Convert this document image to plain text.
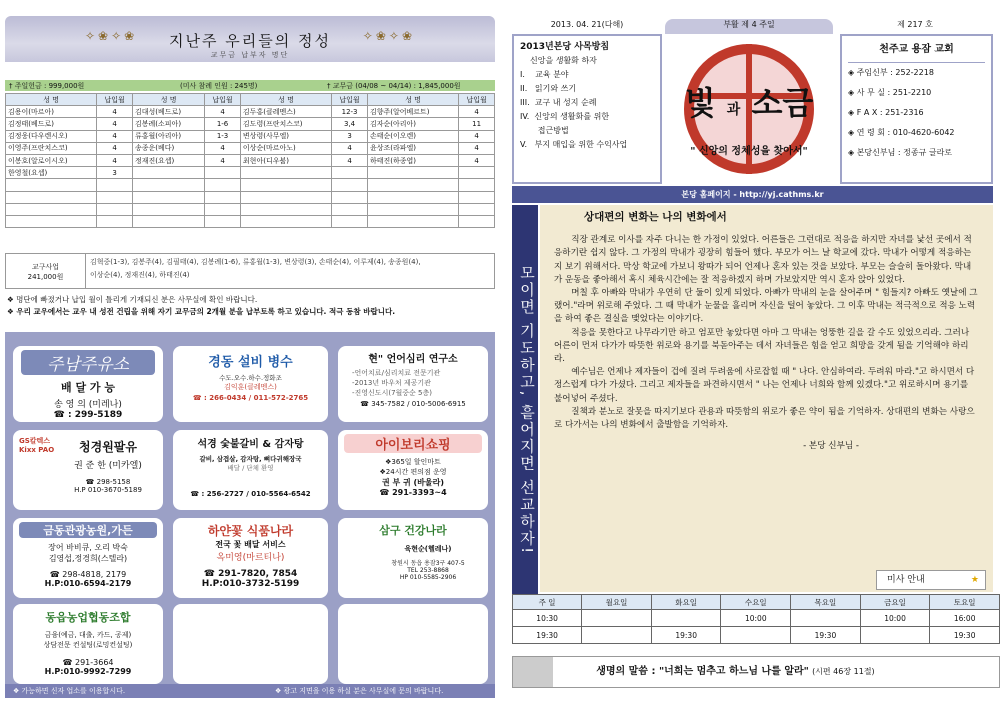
✧❀✧❀	지난주 우리들의 정성	✧❀✧❀
교무금 납부자 명단
† 주일헌금 : 999,000원	(미사 참례 인원 : 245명)	† 교무금 (04/08 ~ 04/14) : 1,845,000원
성 명	납입월	성 명	납입월	성 명	납입월	성 명	납입월
김용이(마르아)	4	김대성(베드로)	4	김두홍(클레멘스)	12-3	김향주(알어베르트)	4
김정태(베드로)	4	김봉례(소피아)	1-6	김도령(프란치스코)	3,4	김자순(아리아)	11
김정웅(다우렌시오)	4	류홍월(아리아)	1-3	변상령(사무엘)	3	손태순(이오렌)	4
이영주(프란치스코)	4	송종운(베다)	4	이상순(마르아노)	4	윤상조(라파엘)	4
이봉호(알로이시오)	4	정재진(요셉)	4	최현아(디우붐)	4	하태진(하종엽)	4
한영철(요셉)	3						

교구사업
241,000원
김혁중(1-3), 김봉주(4), 김필태(4), 김봉례(1-6), 류홍월(1-3), 변상령(3), 손태순(4), 이루제(4), 송종원(4),
이상순(4), 정재진(4), 하태진(4)
❖ 명단에 빠졌거나 납입 월이 틀리게 기재되신 분은 사무실에 확인 바랍니다.
❖ 우리 교우에서는 교우 내 성전 건립을 위해 자기 교무금의 2개월 분을 납부토록 하고 있습니다. 적극 동참 바랍니다.
주남주유소
배 달 가 능
송 영 의 (미레나)
☎ : 299-5189
경동 설비 병수
수도.오수.하수.정화조
김익훈(클레멘스)
☎ : 266-0434 / 011-572-2765
현" 언어심리 연구소
-언어치료/심리치료 전문기관
-2013년 바우처 제공기관
-진영신도시(7월중순 5층)
☎ 345-7582 / 010-5006-6915
GS칼텍스 Kixx PAO	청경원팔유
권 준 한 (미카엘)
☎ 298-5158
H.P 010-3670-5189
석경 숯불갈비 & 감자탕
갈비, 삼겹살, 감자탕, 뼈다귀해장국
배달 / 단체 환영
☎ : 256-2727 / 010-5564-6542
아이보리쇼핑
❖365일 할인마트
❖24시간 편의점 운영
권 부 귀 (바울라)
☎ 291-3393~4
금동관광농원,가든
장어 바비큐, 오리 박숙
김영섭,정경희(스텔라)
☎ 298-4818, 2179
H.P:010-6594-2179
하얀꽃 식품나라
전국 꽃 배달 서비스
옥미영(마르티나)
☎ 291-7820, 7854
H.P:010-3732-5199
삼구 건강나라
육현순(헬레나)
창원시 동읍 용잠3구 407-5
TEL 253-8868
HP 010-5585-2906
동읍농업협동조합
금융(예금, 대출, 카드, 공제)
상담전문 컨설팅(로밍컨설팅)
☎ 291-3664
H.P:010-9992-7299
❖ 가능하면 신자 업소를 이용합시다.	❖ 광고 지면을 이용 하실 분은 사무실에 문의 바랍니다.
2013. 04. 21(다해)	부활 제 4 주일	제 217 호
2013년본당 사목방침
신앙을 생활화 하자
I.    교육 분야
II.   읽기와 쓰기
III.  교구 내 성지 순례
IV.  신앙의 생활화를 위한
접근방법
V.   부지 매입을 위한 수익사업
빛 과 소금
" 신앙의 정체성을 찾아서"
천주교 용잠 교회
◈ 주임신부 : 252-2218
◈ 사 무 실 : 251-2210
◈ F A X : 251-2316
◈ 연 령 회 : 010-4620-6042
◈ 본당신부님 : 정종규 글라로
본당 홈페이지 - http://yj.cathms.kr
모이면 기도하고, 흩어지면 선교하자!
상대편의 변화는 나의 변화에서

직장 관계로 이사를 자주 다니는 한 가정이 있었다. 어른들은 그런대로 적응을 하지만 자녀를 낯선 곳에서 적응하기란 쉽지 않다. 그 가정의 막내가 굉장히 힘들어 했다. 부모가 어느 날 학교에 갔다. 막내가 어떻게 적응하는지 보기 위해서다. 막상 학교에 가보니 왕따가 되어 언제나 혼자 있는 것을 보았다. 부모는 슬슬히 돌아왔다. 막내가 운동을 좋아해서 혹시 체육시간에는 잘 적응하겠지 하며 가보았지만 역시 혼자 앉아 있었다.

며칠 후 아빠와 막내가 우연히 단 둘이 있게 되었다. 아빠가 막내의 눈을 살어주며 " 힘들지? 아빠도 옛날에 그랬어."라며 위로해 주었다. 그 때 막내가 눈물을 흘리며 자신을 털어 놓았다. 그 이후 막내는 적극적으로 적응 노력을 하여 좋은 결실을 맺었다는 이야기다.

적응을 못한다고 나무라기만 하고 엄포만 놓았다면 아마 그 막내는 엉뚱한 길을 갈 수도 있었으리라. 그러나 어른이 먼저 다가가 따뜻한 위로와 용기를 북돋아주는 데서 자녀들은 힘을 얻고 희망을 갖게 됨을 기억해야 하리라.

예수님은 언제나 제자들이 겁에 질려 두려움에 사로잡힐 때 " 나다. 안심하여라. 두려워 마라."고 하시면서 다정스럽게 다가 가셨다. 그리고 제자들을 파견하시면서 " 나는 언제나 너희와 함께 있겠다."고 위로하시며 용기를 불어넣어 주셨다.

질책과 분노로 잘못을 따지기보다 관용과 따뜻함의 위로가 좋은 약이 됨을 기억하자. 상대편의 변화는 사랑으로 다가서는 나의 변화에서 출발함을 기억하자.

- 본당 신부님 -
미사 안내	★
주 일	월요일	화요일	수요일	목요일	금요일	토요일
10:30			10:00		10:00	16:00
19:30		19:30		19:30		19:30
생명의 말씀 : "너희는 멈추고 하느님 나를 알라" (시편 46장 11절)
